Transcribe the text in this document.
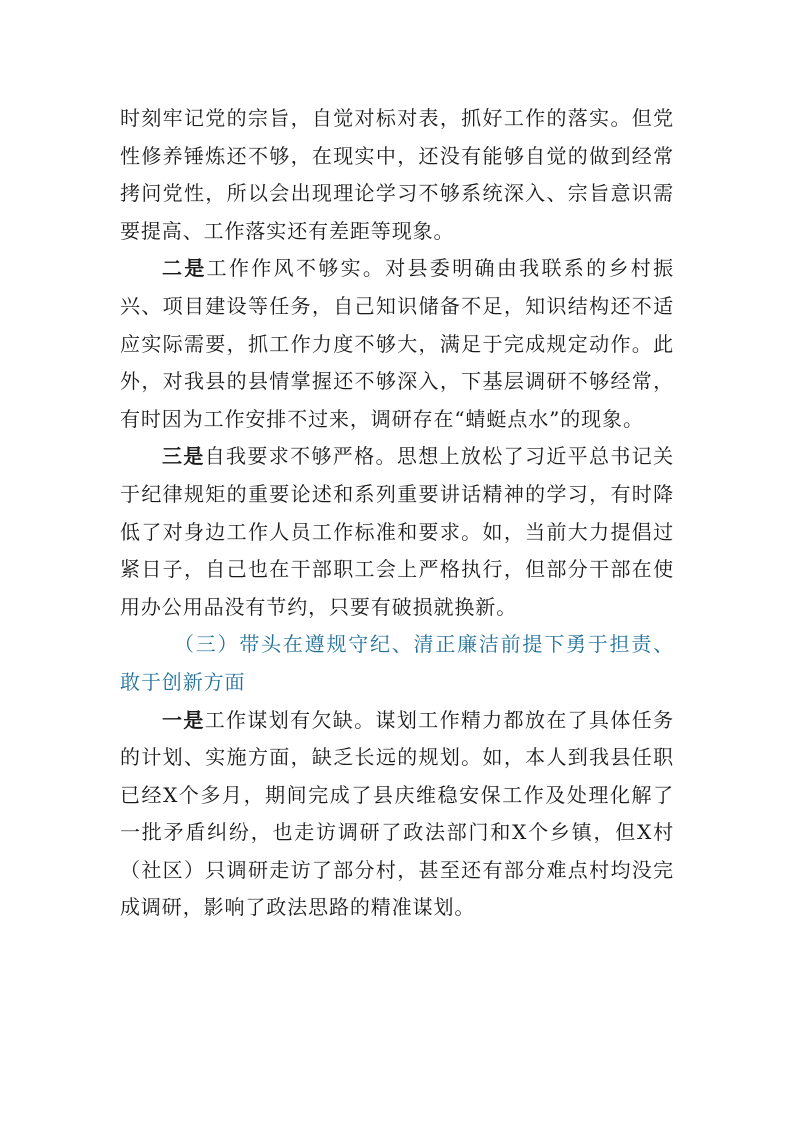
时刻牢记党的宗旨，自觉对标对表，抓好工作的落实。但党性修养锤炼还不够，在现实中，还没有能够自觉的做到经常拷问党性，所以会出现理论学习不够系统深入、宗旨意识需要提高、工作落实还有差距等现象。

二是工作作风不够实。对县委明确由我联系的乡村振兴、项目建设等任务，自己知识储备不足，知识结构还不适应实际需要，抓工作力度不够大，满足于完成规定动作。此外，对我县的县情掌握还不够深入，下基层调研不够经常，有时因为工作安排不过来，调研存在“蜻蜓点水”的现象。

三是自我要求不够严格。思想上放松了习近平总书记关于纪律规矩的重要论述和系列重要讲话精神的学习，有时降低了对身边工作人员工作标准和要求。如，当前大力提倡过紧日子，自己也在干部职工会上严格执行，但部分干部在使用办公用品没有节约，只要有破损就换新。

（三）带头在遵规守纪、清正廉洁前提下勇于担责、敢于创新方面

一是工作谋划有欠缺。谋划工作精力都放在了具体任务的计划、实施方面，缺乏长远的规划。如，本人到我县任职已经X个多月，期间完成了县庆维稳安保工作及处理化解了一批矛盾纠纷，也走访调研了政法部门和X个乡镇，但X村（社区）只调研走访了部分村，甚至还有部分难点村均没完成调研，影响了政法思路的精准谋划。
